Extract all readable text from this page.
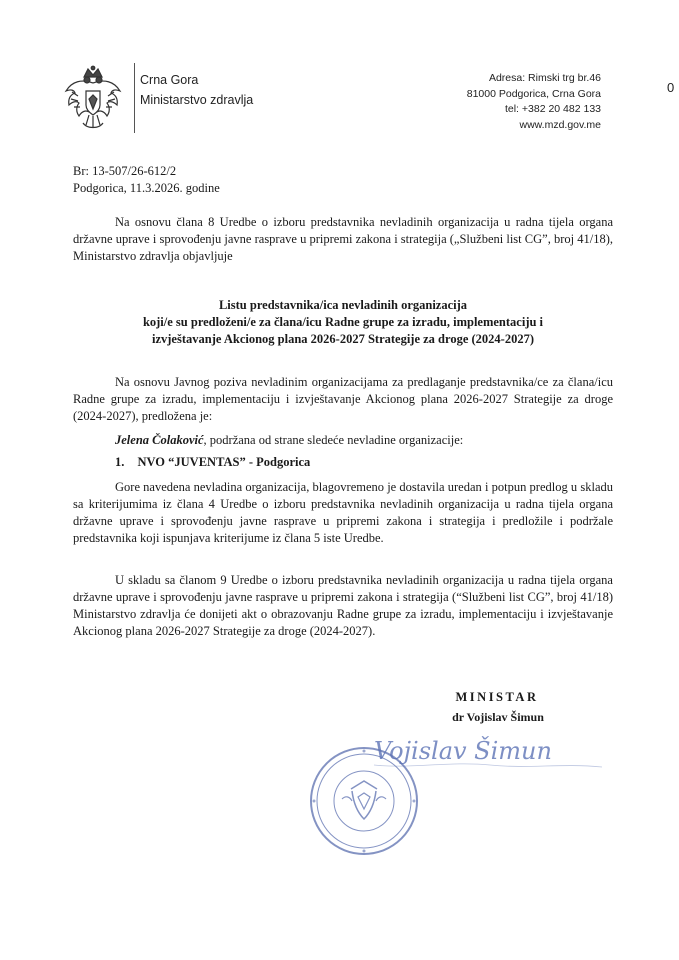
Crna Gora
Ministarstvo zdravlja
Adresa: Rimski trg br.46
81000 Podgorica, Crna Gora
tel: +382 20 482 133
www.mzd.gov.me
0
Br: 13-507/26-612/2
Podgorica, 11.3.2026. godine
Na osnovu člana 8 Uredbe o izboru predstavnika nevladinih organizacija u radna tijela organa državne uprave i sprovođenju javne rasprave u pripremi zakona i strategija („Službeni list CG”, broj 41/18), Ministarstvo zdravlja objavljuje
Listu predstavnika/ica nevladinih organizacija
koji/e su predloženi/e za člana/icu Radne grupe za izradu, implementaciju i
izvještavanje Akcionog plana 2026-2027 Strategije za droge (2024-2027)
Na osnovu Javnog poziva nevladinim organizacijama za predlaganje predstavnika/ce za člana/icu Radne grupe za izradu, implementaciju i izvještavanje Akcionog plana 2026-2027 Strategije za droge (2024-2027), predložena je:
Jelena Čolaković, podržana od strane sledeće nevladine organizacije:
1. NVO “JUVENTAS” - Podgorica
Gore navedena nevladina organizacija, blagovremeno je dostavila uredan i potpun predlog u skladu sa kriterijumima iz člana 4 Uredbe o izboru predstavnika nevladinih organizacija u radna tijela organa državne uprave i sprovođenju javne rasprave u pripremi zakona i strategija i predložile i podržale predstavnika koji ispunjava kriterijume iz člana 5 iste Uredbe.
U skladu sa članom 9 Uredbe o izboru predstavnika nevladinih organizacija u radna tijela organa državne uprave i sprovođenju javne rasprave u pripremi zakona i strategija (“Službeni list CG”, broj 41/18) Ministarstvo zdravlja će donijeti akt o obrazovanju Radne grupe za izradu, implementaciju i izvještavanje Akcionog plana 2026-2027 Strategije za droge (2024-2027).
MINISTAR
dr Vojislav Šimun
Vojislav Šimun
